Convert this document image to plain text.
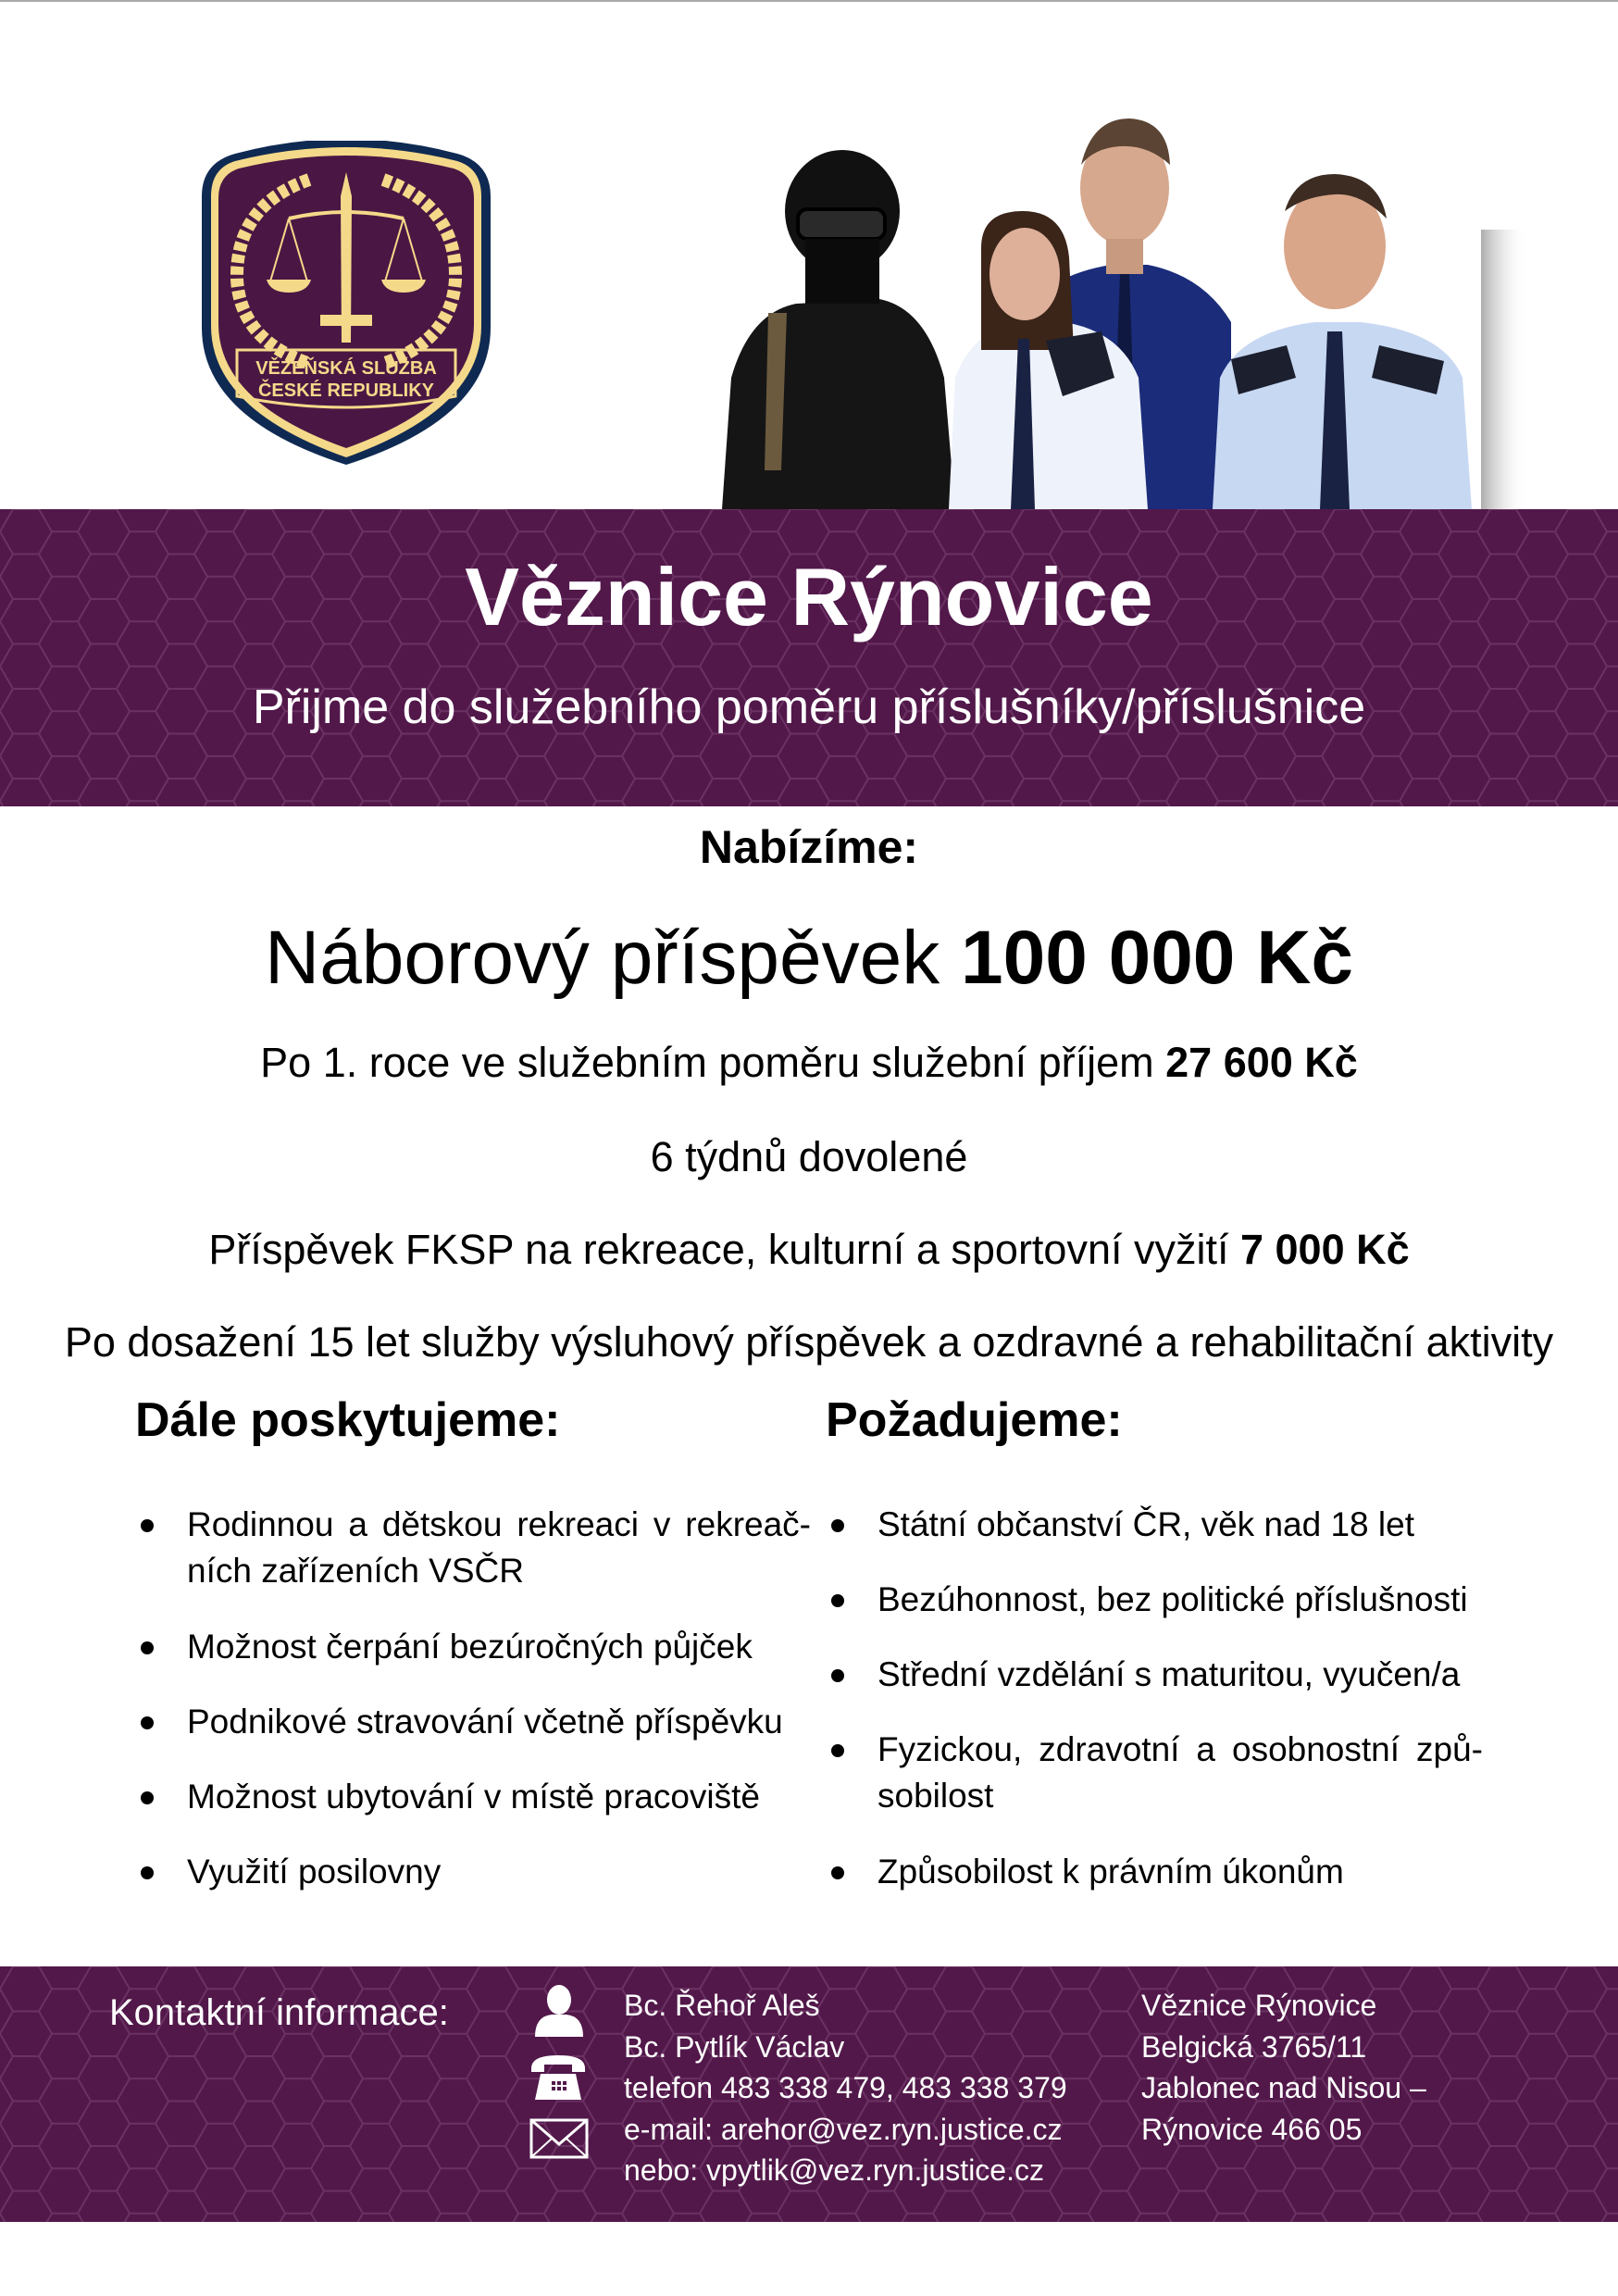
VĚZEŇSKÁ SLUŽBA
ČESKÉ REPUBLIKY
Věznice Rýnovice
Přijme do služebního poměru příslušníky/příslušnice
Nabízíme:
Náborový příspěvek 100 000 Kč
Po 1. roce ve služebním poměru služební příjem 27 600 Kč
6 týdnů dovolené
Příspěvek FKSP na rekreace, kulturní a sportovní vyžití 7 000 Kč
Po dosažení 15 let služby výsluhový příspěvek a ozdravné a rehabilitační aktivity
Dále poskytujeme:	Požadujeme:
Rodinnou a dětskou rekreaci v rekreač-ních zařízeních VSČR
Možnost čerpání bezúročných půjček
Podnikové stravování včetně příspěvku
Možnost ubytování v místě pracoviště
Využití posilovny
Státní občanství ČR, věk nad 18 let
Bezúhonnost, bez politické příslušnosti
Střední vzdělání s maturitou, vyučen/a
Fyzickou, zdravotní a osobnostní způ-sobilost
Způsobilost k právním úkonům
Kontaktní informace:	Bc. Řehoř Aleš
Bc. Pytlík Václav
telefon 483 338 479, 483 338 379
e-mail: arehor@vez.ryn.justice.cz
nebo: vpytlik@vez.ryn.justice.cz
Věznice Rýnovice
Belgická 3765/11
Jablonec nad Nisou –
Rýnovice 466 05
